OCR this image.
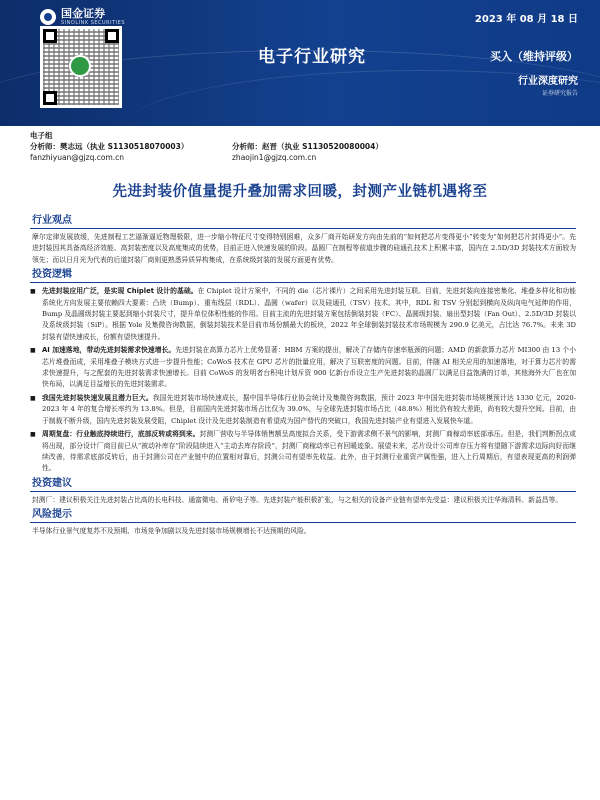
国金证券
SINOLINK SECURITIES	2023 年 08 月 18 日
电子行业研究	买入（维持评级）
行业深度研究
证券研究报告
电子组
分析师：樊志远（执业 S1130518070003）	分析师：赵晋（执业 S1130520080004）
fanzhiyuan@gjzq.com.cn	zhaojin1@gjzq.com.cn
先进封装价值量提升叠加需求回暖，封测产业链机遇将至
行业观点

摩尔定律发展放缓，先进制程工艺逼渐逼近物理极限，进一步缩小特征尺寸变得特别困难，众多厂商开始研发方向由先前的“如何把芯片变得更小”转变为“如何把芯片封得更小”。先进封装因其具备高经济效能、高封装密度以及高度集成的优势，目前正进入快速发展的阶段。晶圆厂在制程等前道步骤的硅通孔技术上积累丰富，国内在 2.5D/3D 封装技术方面较为领先；而以日月光为代表的后道封装厂商则更熟悉异质异构集成，在系统级封装的发展方面更有优势。

投资逻辑
■ 先进封装应用广泛，是实现 Chiplet 设计的基础。在 Chiplet 设计方案中，不同的 die（芯片裸片）之间采用先进封装互联。目前，先进封装向连接密集化、堆叠多样化和功能系统化方向发展主要依赖四大要素：凸块（Bump）、重布线层（RDL）、晶圆（wafer）以及硅通孔（TSV）技术。其中，RDL 和 TSV 分别起到横向及纵向电气延伸的作用，Bump 及晶圆级封装主要起到缩小封装尺寸，提升单位体积性能的作用。目前主流的先进封装方案包括倒装封装（FC）、晶圆级封装、扇出型封装（Fan Out）、2.5D/3D 封装以及系统级封装（SiP）。根据 Yole 及集微咨询数据，倒装封装技术是目前市场份额最大的板块，2022 年全球倒装封装技术市场规模为 290.9 亿美元，占比达 76.7%。未来 3D 封装有望快速成长，份额有望快速提升。

■ AI 加速落地，带动先进封装需求快速增长。先进封装在高算力芯片上优势显著：HBM 方案的提出，解决了存储内存速率瓶颈的问题；AMD 的新款算力芯片 MI300 由 13 个小芯片堆叠而成，采用堆叠子模块方式进一步提升性能；CoWoS 技术在 GPU 芯片的批量应用，解决了互联密度的问题。目前，伴随 AI 相关应用的加速落地，对于算力芯片的需求快速提升，与之配套的先进封装需求快速增长。目前 CoWoS 的发明者台积电计划斥资 900 亿新台币设立生产先进封装的晶圆厂以满足目益饱满的订单，其他海外大厂也在加快布局，以满足目益增长的先进封装需求。

■ 我国先进封装快速发展且潜力巨大。我国先进封装市场快速成长，据中国半导体行业协会统计及集微咨询数据，预计 2023 年中国先进封装市场规模预计达 1330 亿元，2020-2023 年 4 年的复合增长率约为 13.8%。但是，目前国内先进封装市场占比仅为 39.0%，与全球先进封装市场占比（48.8%）相比仍有较大差距，尚有较大提升空间。目前，由于制裁不断升级，国内先进封装发展受阻，Chiplet 设计及先进封装制造有希望成为国产替代的突破口，我国先进封装产业有望进入发展快车道。

■ 周期复盘：行业触底持续进行，底部反转或将到来。封测厂营收与半导体销售额呈高度拟合关系，受下游需求侧不景气的影响，封测厂商稼动率底部承压。但是，我们判断拐点或将出现，部分设计厂商目前已从“被动补库存”阶段陆续进入“主动去库存阶段”，封测厂商稼动率已有回暖迹象。展望未来，芯片设计公司库存压力将有望随下游需求边际向好而继续改善，待需求底部反转后，由于封测公司在产业链中的位置相对靠后，封测公司有望率先收益。此外，由于封测行业重资产属性强，进入上行周期后，有望表现更高的利润弹性。

投资建议

封测厂：建议积极关注先进封装占比高的长电科技、通富微电、甬矽电子等。先进封装产能积极扩张，与之相关的设备产业链有望率先受益：建议积极关注华海清科、新益昌等。

风险提示

半导体行业景气度复苏不及预期、市场竞争加剧以及先进封装市场规模增长不达预期的风险。
